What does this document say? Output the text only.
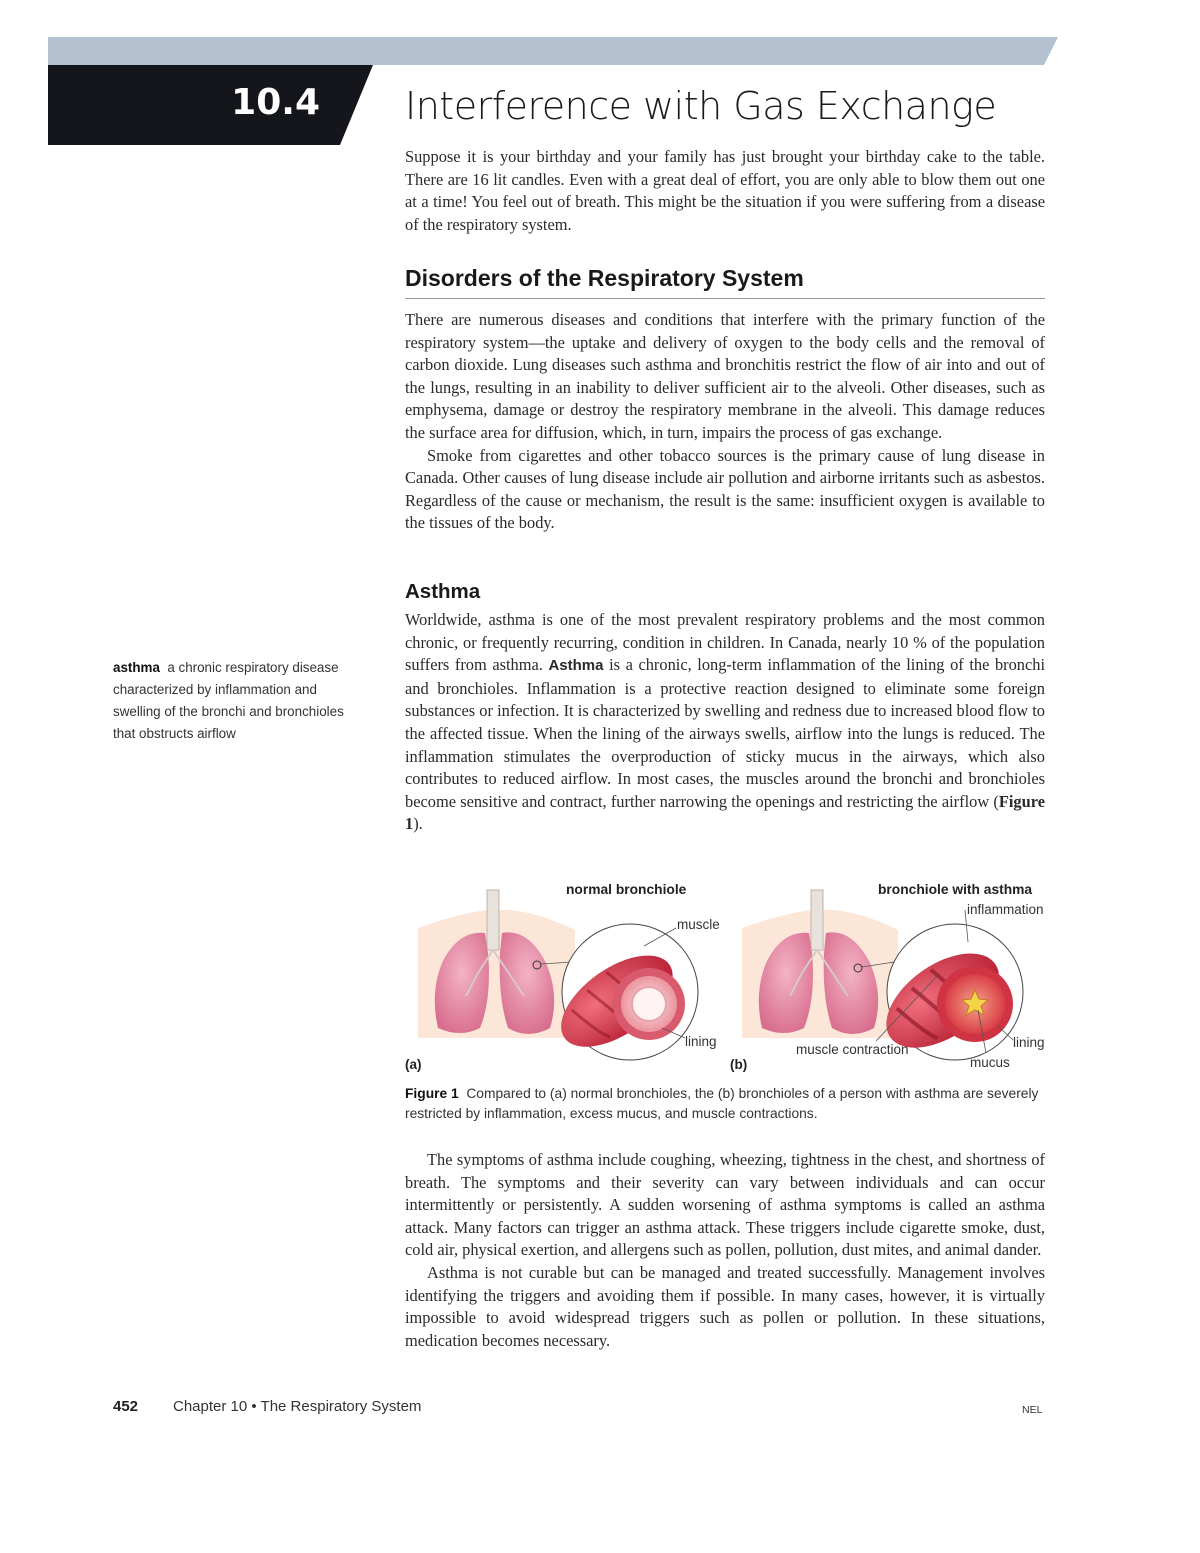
10.4 Interference with Gas Exchange
Suppose it is your birthday and your family has just brought your birthday cake to the table. There are 16 lit candles. Even with a great deal of effort, you are only able to blow them out one at a time! You feel out of breath. This might be the situation if you were suffering from a disease of the respiratory system.
Disorders of the Respiratory System

There are numerous diseases and conditions that interfere with the primary function of the respiratory system—the uptake and delivery of oxygen to the body cells and the removal of carbon dioxide. Lung diseases such asthma and bronchitis restrict the flow of air into and out of the lungs, resulting in an inability to deliver sufficient air to the alveoli. Other diseases, such as emphysema, damage or destroy the respiratory membrane in the alveoli. This damage reduces the surface area for diffusion, which, in turn, impairs the process of gas exchange.

Smoke from cigarettes and other tobacco sources is the primary cause of lung disease in Canada. Other causes of lung disease include air pollution and airborne irritants such as asbestos. Regardless of the cause or mechanism, the result is the same: insufficient oxygen is available to the tissues of the body.

Asthma

Worldwide, asthma is one of the most prevalent respiratory problems and the most common chronic, or frequently recurring, condition in children. In Canada, nearly 10 % of the population suffers from asthma. Asthma is a chronic, long-term inflammation of the lining of the bronchi and bronchioles. Inflammation is a protective reaction designed to eliminate some foreign substances or infection. It is characterized by swelling and redness due to increased blood flow to the affected tissue. When the lining of the airways swells, airflow into the lungs is reduced. The inflammation stimulates the overproduction of sticky mucus in the airways, which also contributes to reduced airflow. In most cases, the muscles around the bronchi and bronchioles become sensitive and contract, further narrowing the openings and restricting the airflow (Figure 1).

asthma a chronic respiratory disease characterized by inflammation and swelling of the bronchi and bronchioles that obstructs airflow
normal bronchiole	bronchiole with asthma
muscle
lining
inflammation
muscle contraction	lining
mucus
(a)	(b)
Figure 1 Compared to (a) normal bronchioles, the (b) bronchioles of a person with asthma are severely restricted by inflammation, excess mucus, and muscle contractions.

The symptoms of asthma include coughing, wheezing, tightness in the chest, and shortness of breath. The symptoms and their severity can vary between individuals and can occur intermittently or persistently. A sudden worsening of asthma symptoms is called an asthma attack. Many factors can trigger an asthma attack. These triggers include cigarette smoke, dust, cold air, physical exertion, and allergens such as pollen, pollution, dust mites, and animal dander.

Asthma is not curable but can be managed and treated successfully. Management involves identifying the triggers and avoiding them if possible. In many cases, however, it is virtually impossible to avoid widespread triggers such as pollen or pollution. In these situations, medication becomes necessary.

452 Chapter 10 • The Respiratory System	NEL
